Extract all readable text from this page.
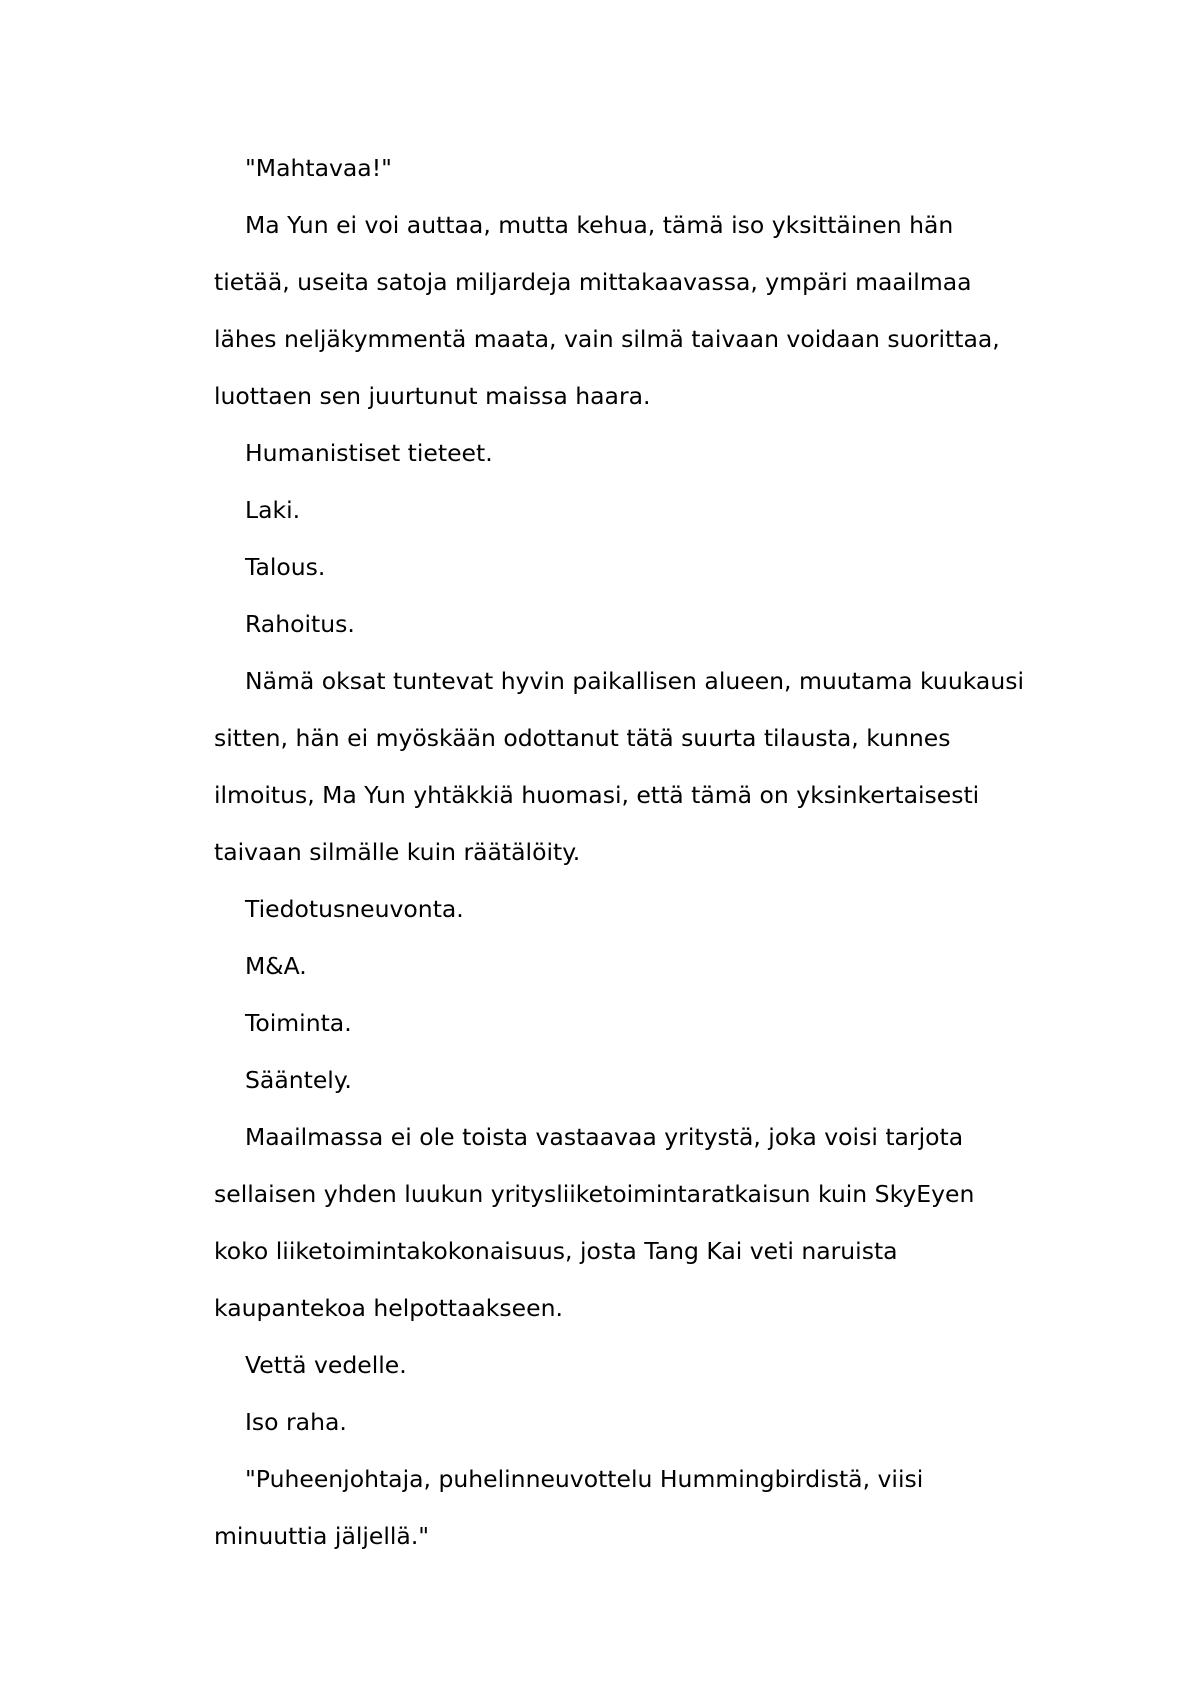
"Mahtavaa!"
Ma Yun ei voi auttaa, mutta kehua, tämä iso yksittäinen hän
tietää, useita satoja miljardeja mittakaavassa, ympäri maailmaa
lähes neljäkymmentä maata, vain silmä taivaan voidaan suorittaa,
luottaen sen juurtunut maissa haara.
Humanistiset tieteet.
Laki.
Talous.
Rahoitus.
Nämä oksat tuntevat hyvin paikallisen alueen, muutama kuukausi
sitten, hän ei myöskään odottanut tätä suurta tilausta, kunnes
ilmoitus, Ma Yun yhtäkkiä huomasi, että tämä on yksinkertaisesti
taivaan silmälle kuin räätälöity.
Tiedotusneuvonta.
M&A.
Toiminta.
Sääntely.
Maailmassa ei ole toista vastaavaa yritystä, joka voisi tarjota
sellaisen yhden luukun yritysliiketoimintaratkaisun kuin SkyEyen
koko liiketoimintakokonaisuus, josta Tang Kai veti naruista
kaupantekoa helpottaakseen.
Vettä vedelle.
Iso raha.
"Puheenjohtaja, puhelinneuvottelu Hummingbirdistä, viisi
minuuttia jäljellä."
